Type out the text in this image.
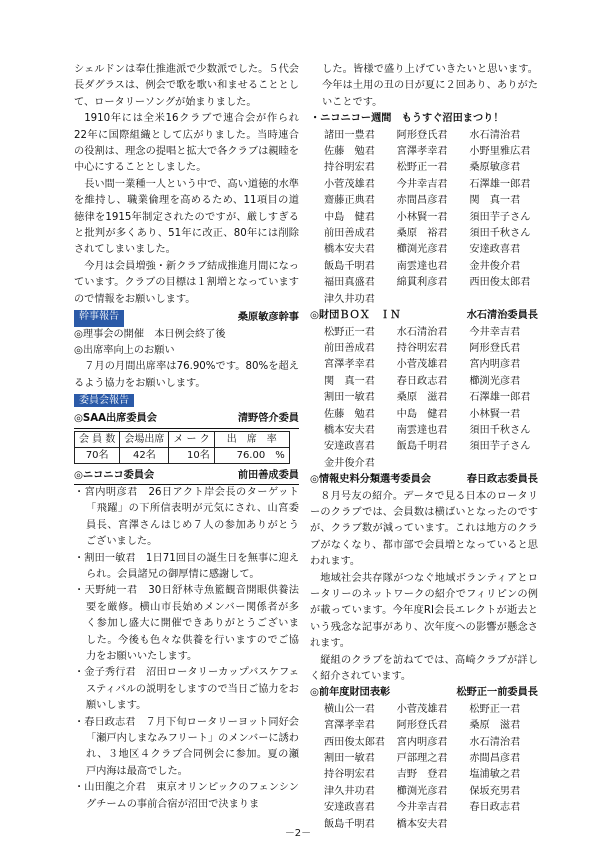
シェルドンは奉仕推進派で少数派でした。５代会長ダグラスは、例会で歌を歌い和ませることとして、ロータリーソングが始まりました。

1910年には全米16クラブで連合会が作られ22年に国際組織として広がりました。当時連合の役割は、理念の提唱と拡大で各クラブは親睦を中心にすることとしました。

長い間一業種一人という中で、高い道徳的水準を維持し、職業倫理を高めるため、11項目の道徳律を1915年制定されたのですが、厳しすぎると批判が多くあり、51年に改正、80年には削除されてしまいました。

今月は会員増強・新クラブ結成推進月間になっています。クラブの目標は１割増となっていますので情報をお願いします。

幹事報告	桑原敏彦幹事

◎理事会の開催　本日例会終了後

◎出席率向上のお願い

７月の月間出席率は76.90%です。80%を超えるよう協力をお願いします。

委員会報告
◎SAA出席委員会	清野啓介委員
会 員 数	会場出席	メ ー ク	出　席　率
70名	42名	10名	76.00　%
◎ニコニコ委員会	前田善成委員

・宮内明彦君　26日アクト岸会長のターゲット「飛躍」の下所信表明が元気にされ、山宮委員長、宮澤さんはじめ７人の参加ありがとうございました。

・割田一敏君　1日71回目の誕生日を無事に迎えられ。会員諸兄の御厚情に感謝して。

・天野純一君　30日舒林寺魚籃観音開眼供養法要を厳修。横山市長始めメンバー関係者が多く参加し盛大に開催できありがとうございました。今後も色々な供養を行いますのでご協力をお願いいたします。

・金子秀行君　沼田ロータリーカップバスケフェスティバルの説明をしますので当日ご協力をお願いします。

・春日政志君　７月下旬ロータリーヨット同好会「瀬戸内しまなみフリート」のメンバーに誘われ、３地区４クラブ合同例会に参加。夏の瀬戸内海は最高でした。

・山田龍之介君　東京オリンピックのフェンシングチームの事前合宿が沼田で決まりま

した。皆様で盛り上げていきたいと思います。今年は土用の丑の日が夏に２回あり、ありがたいことです。

・ニコニコー週間　もうすぐ沼田まつり！
諸田一豊君	阿形登氏君	水石清治君
佐藤　勉君	宮澤孝幸君	小野里雅広君
持谷明宏君	松野正一君	桑原敏彦君
小菅茂雄君	今井幸吉君	石澤雄一郎君
齋藤正典君	赤間昌彦君	関　真一君
中島　健君	小林賢一君	須田芋子さん
前田善成君	桑原　裕君	須田千秋さん
橋本安夫君	櫛渕光彦君	安達政喜君
飯島千明君	南雲達也君	金井俊介君
福田真盛君	綿貫利彦君	西田俊太郎君
津久井功君
◎財団ＢＯＸ　ＩＮ	水石清治委員長
松野正一君	水石清治君	今井幸吉君
前田善成君	持谷明宏君	阿形登氏君
宮澤孝幸君	小菅茂雄君	宮内明彦君
関　真一君	春日政志君	櫛渕光彦君
割田一敏君	桑原　滋君	石澤雄一郎君
佐藤　勉君	中島　健君	小林賢一君
橋本安夫君	南雲達也君	須田千秋さん
安達政喜君	飯島千明君	須田芋子さん
金井俊介君
◎情報史料分類選考委員会	春日政志委員長

８月号友の紹介。データで見る日本のロータリーのクラブでは、会員数は横ばいとなったのですが、クラブ数が減っています。これは地方のクラブがなくなり、都市部で会員増となっていると思われます。

地域社会共存隊がつなぐ地域ボランティアとロータリーのネットワークの紹介でフィリピンの例が載っています。今年度RI会長エレクトが逝去という残念な記事があり、次年度への影響が懸念されます。

縦組のクラブを訪ねてでは、高崎クラブが詳しく紹介されています。

◎前年度財団表彰	松野正一前委員長
横山公一君	小菅茂雄君	松野正一君
宮澤孝幸君	阿形登氏君	桑原　滋君
西田俊太郎君	宮内明彦君	水石清治君
割田一敏君	戸部理之君	赤間昌彦君
持谷明宏君	吉野　登君	塩浦敏之君
津久井功君	櫛渕光彦君	保坂充男君
安達政喜君	今井幸吉君	春日政志君
飯島千明君	橋本安夫君
－2－
